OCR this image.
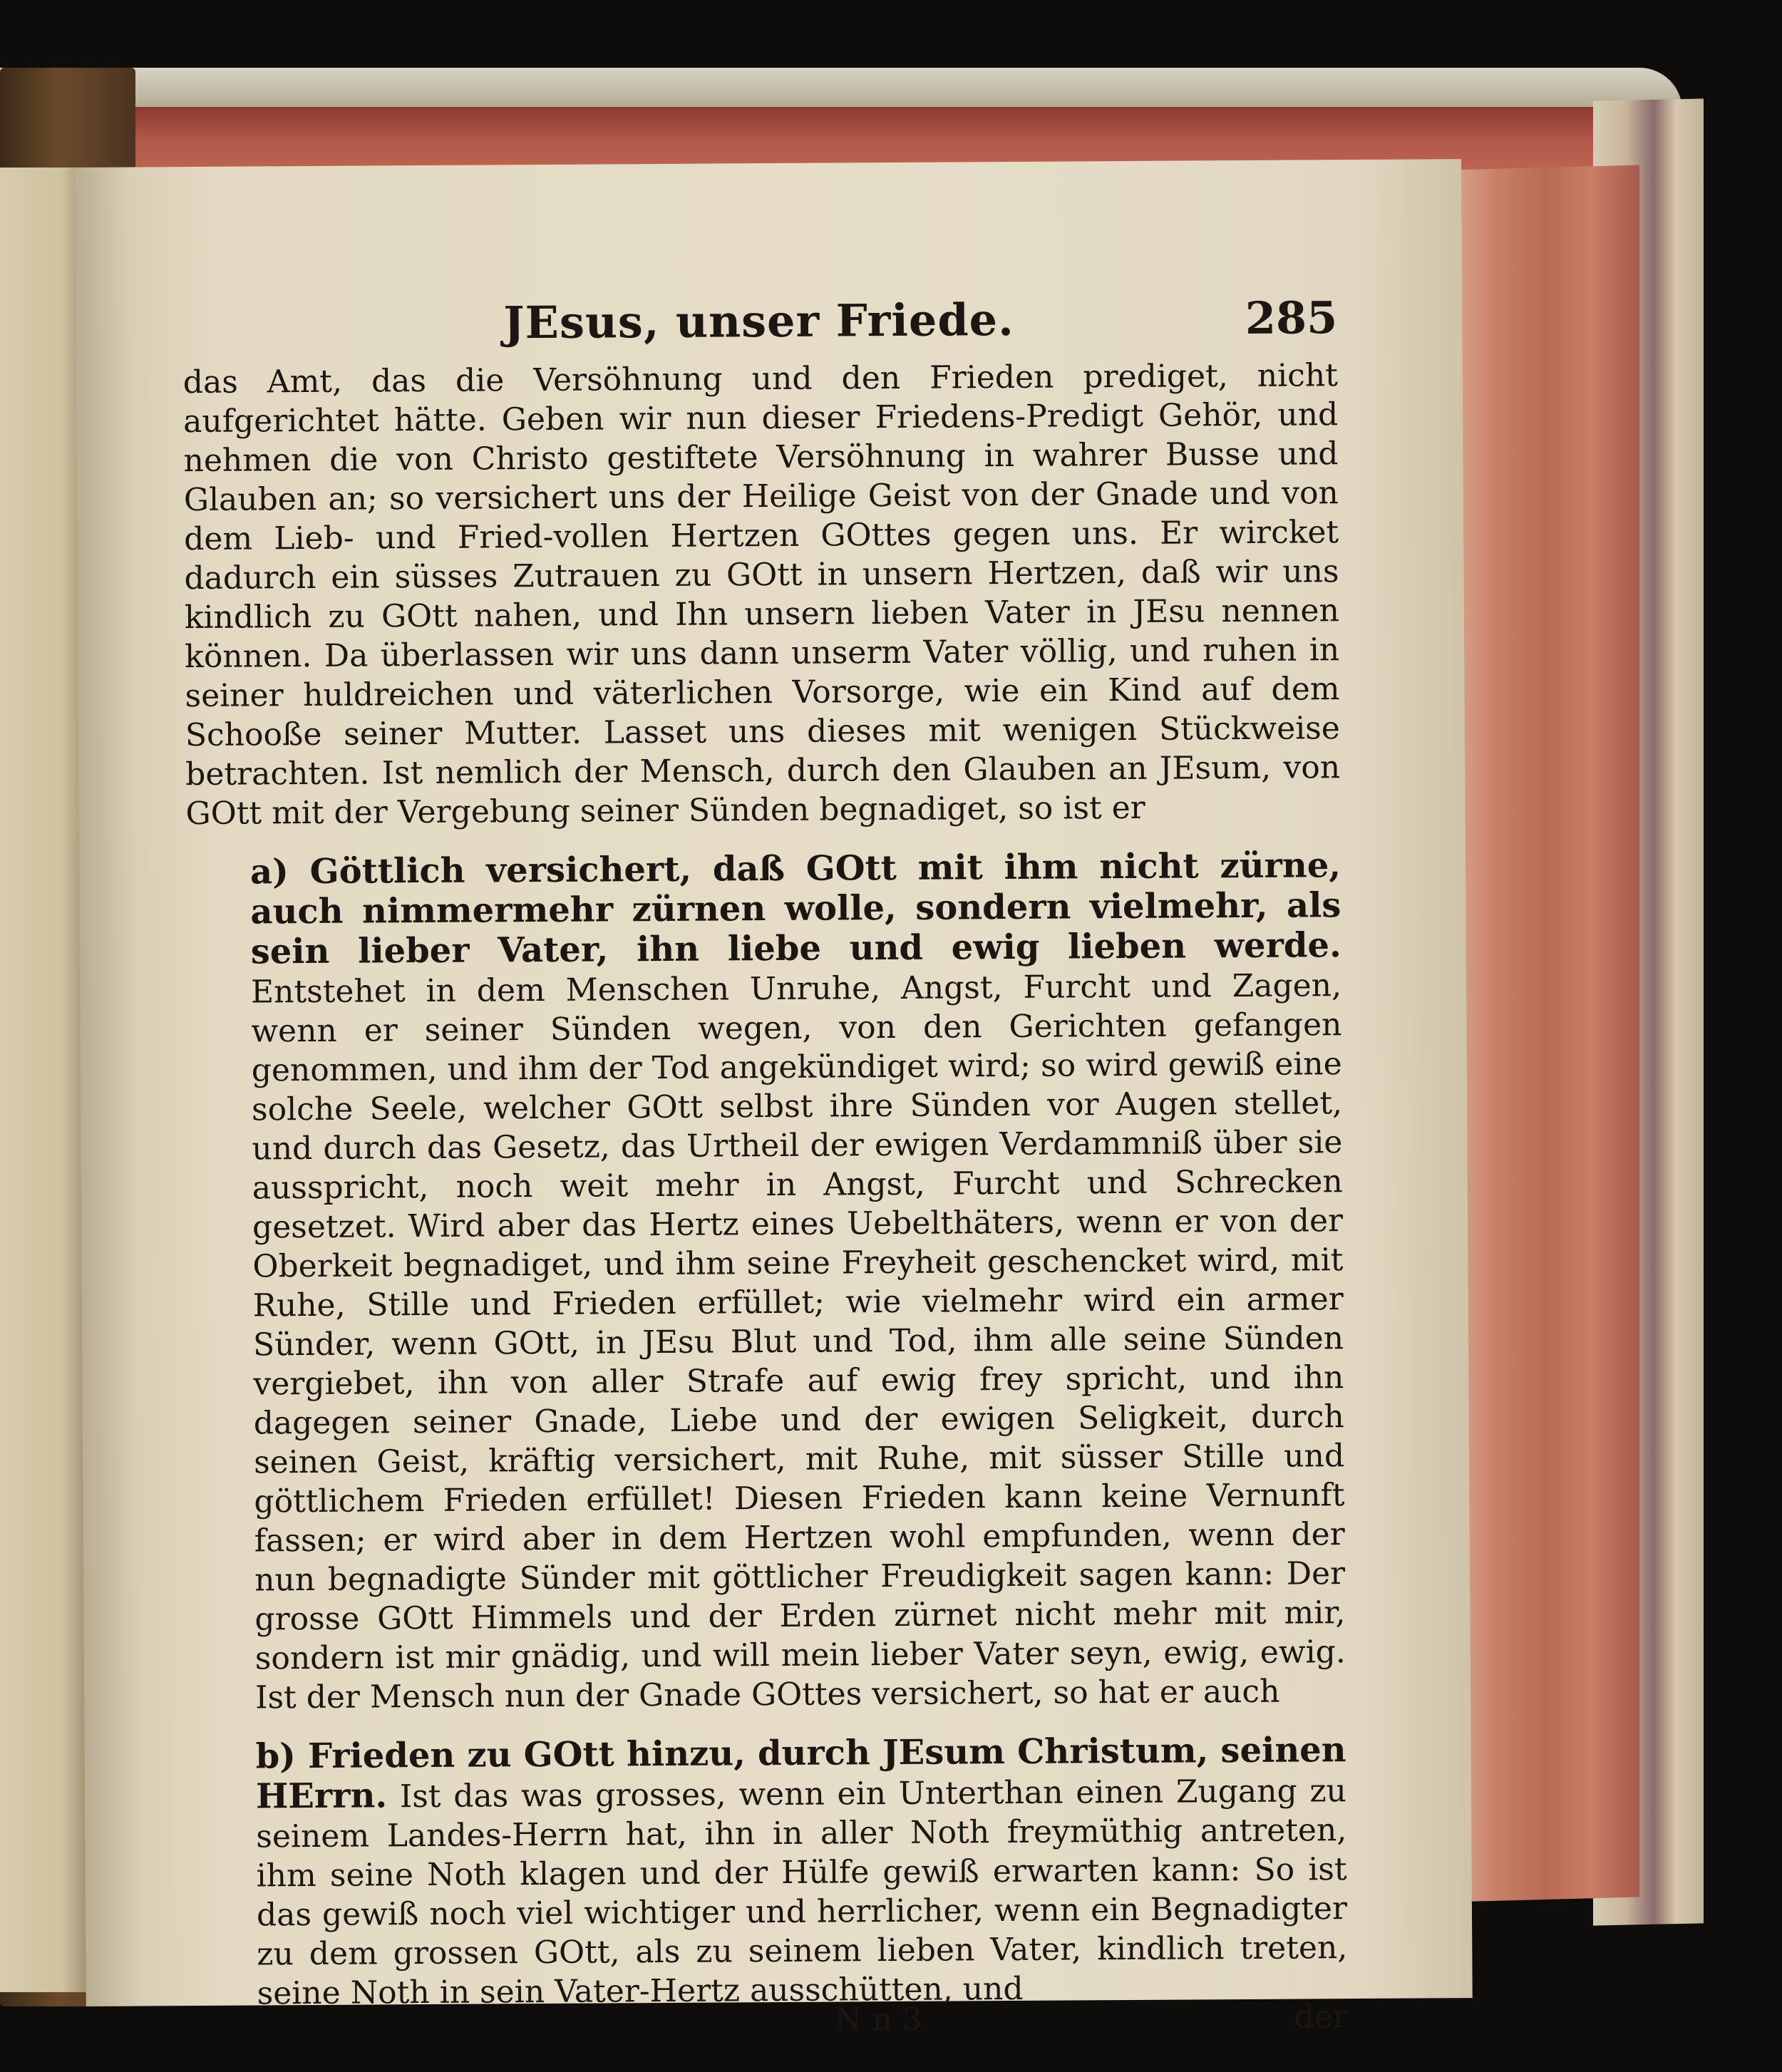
JEsus, unser Friede.	285

das Amt, das die Versöhnung und den Frieden prediget, nicht aufgerichtet hätte. Geben wir nun dieser Friedens-Predigt Gehör, und nehmen die von Christo gestiftete Versöhnung in wahrer Busse und Glauben an; so versichert uns der Heilige Geist von der Gnade und von dem Lieb- und Fried-vollen Hertzen GOttes gegen uns. Er wircket dadurch ein süsses Zutrauen zu GOtt in unsern Hertzen, daß wir uns kindlich zu GOtt nahen, und Ihn unsern lieben Vater in JEsu nennen können. Da überlassen wir uns dann unserm Vater völlig, und ruhen in seiner huldreichen und väterlichen Vorsorge, wie ein Kind auf dem Schooße seiner Mutter. Lasset uns dieses mit wenigen Stückweise betrachten. Ist nemlich der Mensch, durch den Glauben an JEsum, von GOtt mit der Vergebung seiner Sünden begnadiget, so ist er

a) Göttlich versichert, daß GOtt mit ihm nicht zürne, auch nimmermehr zürnen wolle, sondern vielmehr, als sein lieber Vater, ihn liebe und ewig lieben werde. Entstehet in dem Menschen Unruhe, Angst, Furcht und Zagen, wenn er seiner Sünden wegen, von den Gerichten gefangen genommen, und ihm der Tod angekündiget wird; so wird gewiß eine solche Seele, welcher GOtt selbst ihre Sünden vor Augen stellet, und durch das Gesetz, das Urtheil der ewigen Verdammniß über sie ausspricht, noch weit mehr in Angst, Furcht und Schrecken gesetzet. Wird aber das Hertz eines Uebelthäters, wenn er von der Oberkeit begnadiget, und ihm seine Freyheit geschencket wird, mit Ruhe, Stille und Frieden erfüllet; wie vielmehr wird ein armer Sünder, wenn GOtt, in JEsu Blut und Tod, ihm alle seine Sünden vergiebet, ihn von aller Strafe auf ewig frey spricht, und ihn dagegen seiner Gnade, Liebe und der ewigen Seligkeit, durch seinen Geist, kräftig versichert, mit Ruhe, mit süsser Stille und göttlichem Frieden erfüllet! Diesen Frieden kann keine Vernunft fassen; er wird aber in dem Hertzen wohl empfunden, wenn der nun begnadigte Sünder mit göttlicher Freudigkeit sagen kann: Der grosse GOtt Himmels und der Erden zürnet nicht mehr mit mir, sondern ist mir gnädig, und will mein lieber Vater seyn, ewig, ewig. Ist der Mensch nun der Gnade GOttes versichert, so hat er auch

b) Frieden zu GOtt hinzu, durch JEsum Christum, seinen HErrn. Ist das was grosses, wenn ein Unterthan einen Zugang zu seinem Landes-Herrn hat, ihn in aller Noth freymüthig antreten, ihm seine Noth klagen und der Hülfe gewiß erwarten kann: So ist das gewiß noch viel wichtiger und herrlicher, wenn ein Begnadigter zu dem grossen GOtt, als zu seinem lieben Vater, kindlich treten, seine Noth in sein Vater-Hertz ausschütten, und

N n 3	der
